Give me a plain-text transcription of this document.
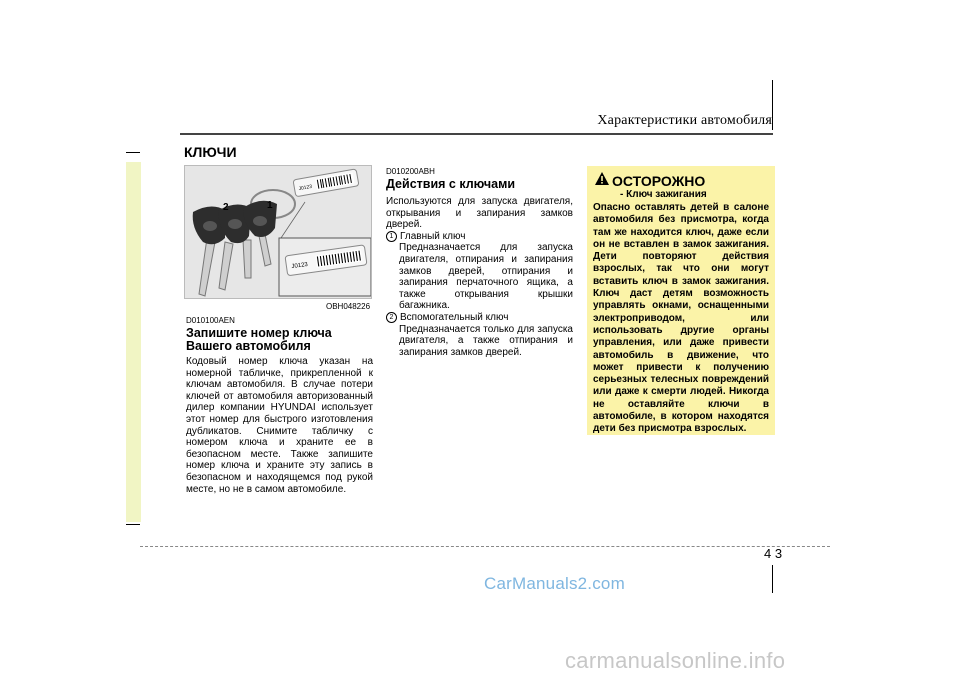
Характеристики автомобиля
КЛЮЧИ
J0123
J0123
2	1
OBH048226
D010100AEN
Запишите номер ключа Вашего автомобиля
Кодовый номер ключа указан на номерной табличке, прикрепленной к ключам автомобиля. В случае потери ключей от автомобиля авторизованный дилер компании HYUNDAI использует этот номер для быстрого изготовления дубликатов. Снимите табличку с номером ключа и храните ее в безопасном месте. Также запишите номер ключа и храните эту запись в безопасном и находящемся под рукой месте, но не в самом автомобиле.
D010200ABH
Действия с ключами
Используются для запуска двигателя, открывания и запирания замков дверей.
1 Главный ключ
Предназначается для запуска двигателя, отпирания и запирания замков дверей, отпирания и запирания перчаточного ящика, а также открывания крышки багажника.
2 Вспомогательный ключ
Предназначается только для запуска двигателя, а также отпирания и запирания замков дверей.
ОСТОРОЖНО
- Ключ зажигания
Опасно оставлять детей в салоне автомобиля без присмотра, когда там же находится ключ, даже если он не вставлен в замок зажигания. Дети повторяют действия взрослых, так что они могут вставить ключ в замок зажигания. Ключ даст детям возможность управлять окнами, оснащенными электроприводом, или использовать другие органы управления, или даже привести автомобиль в движение, что может привести к получению серьезных телесных повреждений или даже к смерти людей. Никогда не оставляйте ключи в автомобиле, в котором находятся дети без присмотра взрослых.
4 3
CarManuals2.com
carmanualsonline.info
